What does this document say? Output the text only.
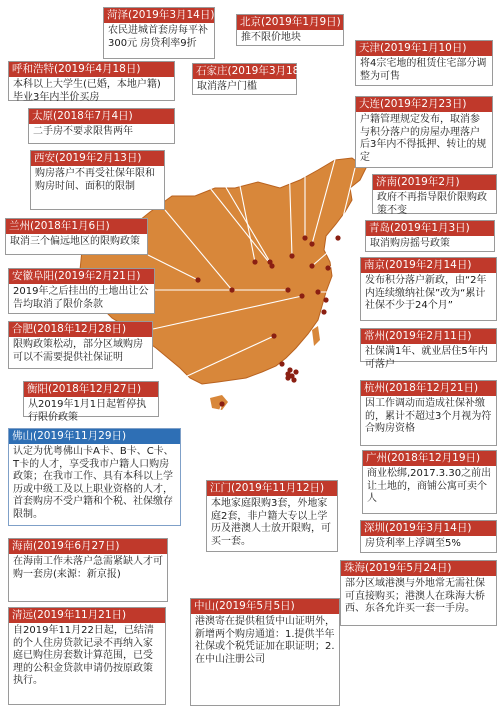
菏泽(2019年3月14日)
农民进城首套房每平补300元 房贷利率9折
北京(2019年1月9日)
推不限价地块
呼和浩特(2019年4月18日)
本科以上大学生(已婚，本地户籍)毕业3年内半价买房
石家庄(2019年3月18日)
取消落户门槛
天津(2019年1月10日)
将4宗宅地的租赁住宅部分调整为可售
太原(2018年7月4日)
二手房不要求限售两年
大连(2019年2月23日)
户籍管理规定发布，取消参与积分落户的房屋办理落户后3年内不得抵押、转让的规定
西安(2019年2月13日)
购房落户不再受社保年限和购房时间、面积的限制	济南(2019年2月)
政府不再指导限价限购政策不变
兰州(2018年1月6日)
取消三个偏远地区的限购政策
青岛(2019年1月3日)
取消购房摇号政策
安徽阜阳(2019年2月21日)
2019年之后挂出的土地出让公告均取消了限价条款
南京(2019年2月14日)
发布积分落户新政，由“2年内连续缴纳社保”改为“累计社保不少于24个月”
合肥(2018年12月28日)
限购政策松动，部分区域购房可以不需要提供社保证明
常州(2019年2月11日)
社保满1年、就业居住5年内可落户
衡阳(2018年12月27日)
从2019年1月1日起暂停执行限价政策
杭州(2018年12月21日)
因工作调动而造成社保补缴的，累计不超过3个月视为符合购房资格
佛山(2019年11月29日)
认定为优粤佛山卡A卡、B卡、C卡、T卡的人才，享受我市户籍人口购房政策；在我市工作、具有本科以上学历或中级工及以上职业资格的人才，首套购房不受户籍和个税、社保缴存限制。
广州(2018年12月19日)
商业松绑,2017.3.30之前出让土地的，商铺公寓可卖个人
江门(2019年11月12日)
本地家庭限购3套，外地家庭2套，非户籍大专以上学历及港澳人士放开限购，可买一套。
深圳(2019年3月14日)
房贷利率上浮调至5%
海南(2019年6月27日)
在海南工作未落户急需紧缺人才可购一套房(来源：新京报)	珠海(2019年5月24日)
部分区域港澳与外地常无需社保可直接购买；港澳人在珠海大桥西、东各允许买一套一手房。
清远(2019年11月21日)
自2019年11月22日起，已结清的个人住房贷款记录不再纳入家庭已购住房套数计算范围，已受理的公积金贷款申请仍按原政策执行。
中山(2019年5月5日)
港澳寄在提供租赁中山证明外，新增两个购房通道：1.提供半年社保或个税凭证加在职证明；2.在中山注册公司
